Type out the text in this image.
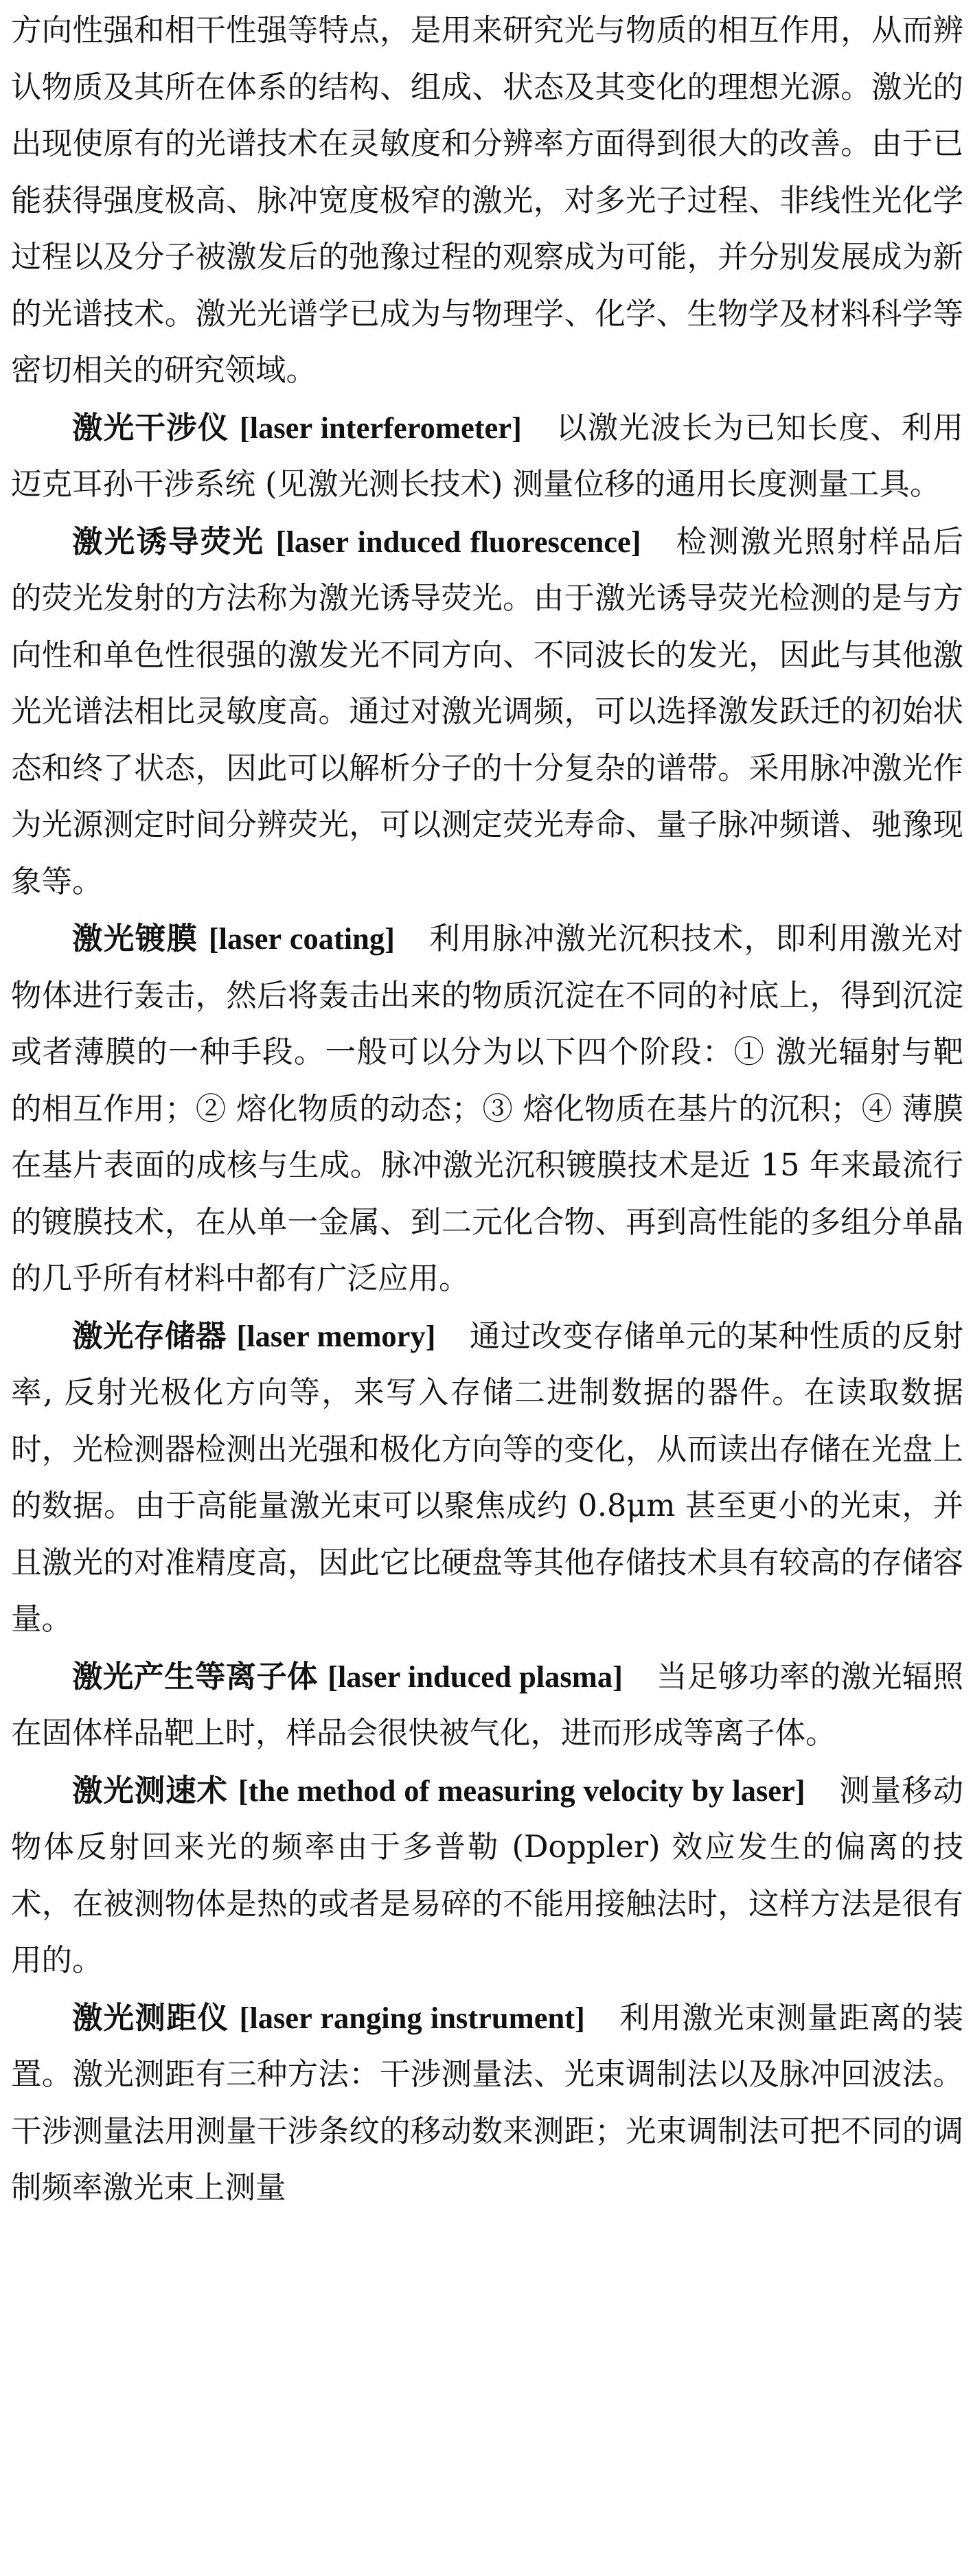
方向性强和相干性强等特点，是用来研究光与物质的相互作用，从而辨认物质及其所在体系的结构、组成、状态及其变化的理想光源。激光的出现使原有的光谱技术在灵敏度和分辨率方面得到很大的改善。由于已能获得强度极高、脉冲宽度极窄的激光，对多光子过程、非线性光化学过程以及分子被激发后的弛豫过程的观察成为可能，并分别发展成为新的光谱技术。激光光谱学已成为与物理学、化学、生物学及材料科学等密切相关的研究领域。

激光干涉仪 [laser interferometer] 以激光波长为已知长度、利用迈克耳孙干涉系统 (见激光测长技术) 测量位移的通用长度测量工具。

激光诱导荧光 [laser induced fluorescence] 检测激光照射样品后的荧光发射的方法称为激光诱导荧光。由于激光诱导荧光检测的是与方向性和单色性很强的激发光不同方向、不同波长的发光，因此与其他激光光谱法相比灵敏度高。通过对激光调频，可以选择激发跃迁的初始状态和终了状态，因此可以解析分子的十分复杂的谱带。采用脉冲激光作为光源测定时间分辨荧光，可以测定荧光寿命、量子脉冲频谱、驰豫现象等。

激光镀膜 [laser coating] 利用脉冲激光沉积技术，即利用激光对物体进行轰击，然后将轰击出来的物质沉淀在不同的衬底上，得到沉淀或者薄膜的一种手段。一般可以分为以下四个阶段：① 激光辐射与靶的相互作用；② 熔化物质的动态；③ 熔化物质在基片的沉积；④ 薄膜在基片表面的成核与生成。脉冲激光沉积镀膜技术是近 15 年来最流行的镀膜技术，在从单一金属、到二元化合物、再到高性能的多组分单晶的几乎所有材料中都有广泛应用。

激光存储器 [laser memory] 通过改变存储单元的某种性质的反射率, 反射光极化方向等，来写入存储二进制数据的器件。在读取数据时，光检测器检测出光强和极化方向等的变化，从而读出存储在光盘上的数据。由于高能量激光束可以聚焦成约 0.8μm 甚至更小的光束，并且激光的对准精度高，因此它比硬盘等其他存储技术具有较高的存储容量。

激光产生等离子体 [laser induced plasma] 当足够功率的激光辐照在固体样品靶上时，样品会很快被气化，进而形成等离子体。

激光测速术 [the method of measuring velocity by laser] 测量移动物体反射回来光的频率由于多普勒 (Doppler) 效应发生的偏离的技术，在被测物体是热的或者是易碎的不能用接触法时，这样方法是很有用的。

激光测距仪 [laser ranging instrument] 利用激光束测量距离的装置。激光测距有三种方法：干涉测量法、光束调制法以及脉冲回波法。干涉测量法用测量干涉条纹的移动数来测距；光束调制法可把不同的调制频率激光束上测量
